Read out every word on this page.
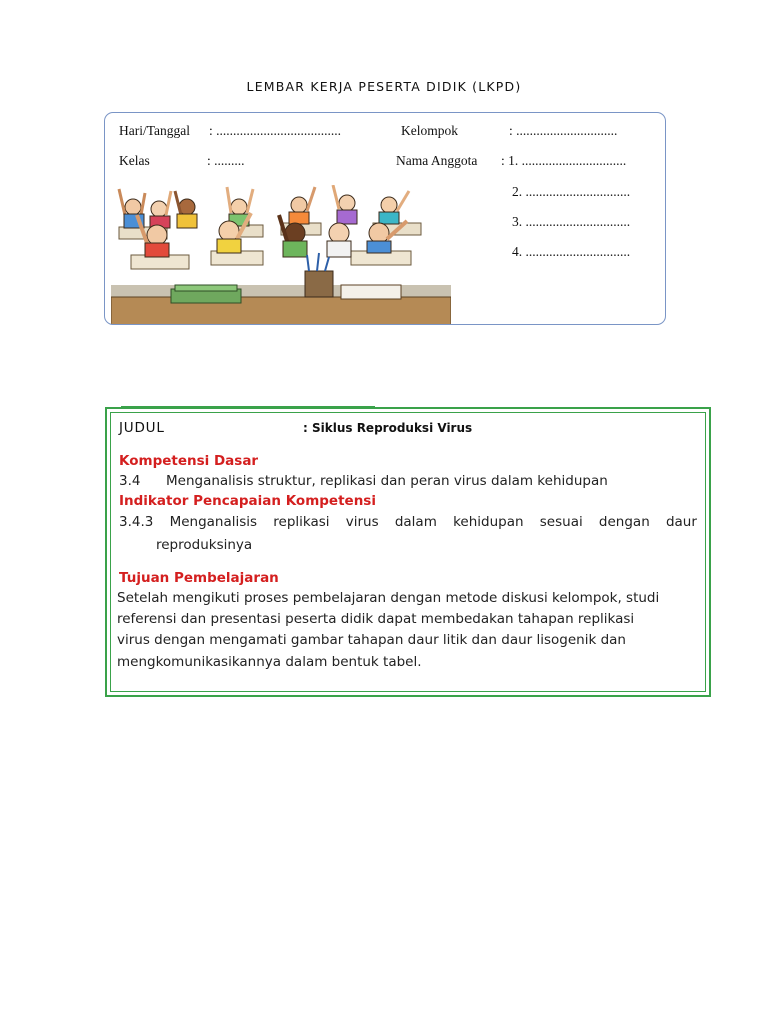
LEMBAR KERJA PESERTA DIDIK (LKPD)
Hari/Tanggal : .....................................	Kelompok	: ..............................
Kelas	: .........	Nama Anggota : 1. ...............................
2. ...............................
3. ...............................
4. ...............................
JUDUL	: Siklus Reproduksi Virus
Kompetensi Dasar
3.4 Menganalisis struktur, replikasi dan peran virus dalam kehidupan
Indikator Pencapaian Kompetensi
3.4.3 Menganalisis replikasi virus dalam kehidupan sesuai dengan daur
reproduksinya
Tujuan Pembelajaran
Setelah mengikuti proses pembelajaran dengan metode diskusi kelompok, studi
referensi dan presentasi peserta didik dapat membedakan tahapan replikasi
virus dengan mengamati gambar tahapan daur litik dan daur lisogenik dan
mengkomunikasikannya dalam bentuk tabel.
